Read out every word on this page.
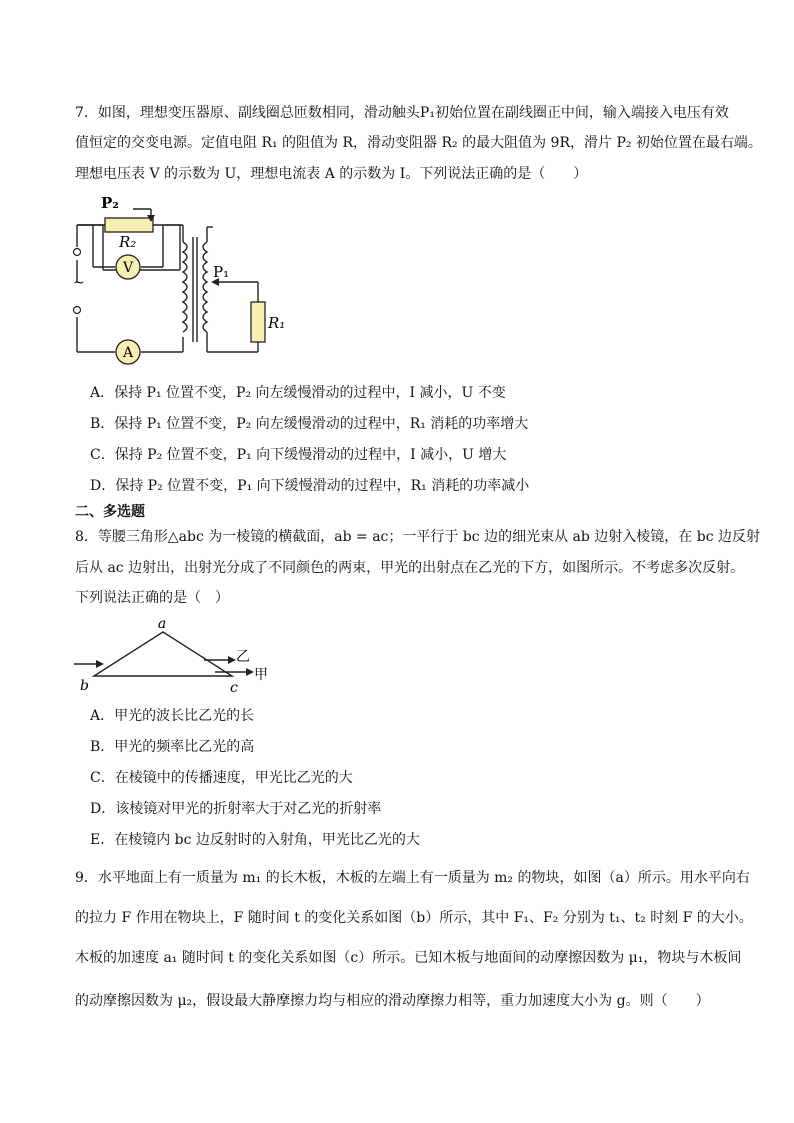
7．如图，理想变压器原、副线圈总匝数相同，滑动触头P₁初始位置在副线圈正中间，输入端接入电压有效
值恒定的交变电源。定值电阻 R₁ 的阻值为 R，滑动变阻器 R₂ 的最大阻值为 9R，滑片 P₂ 初始位置在最右端。
理想电压表 V 的示数为 U，理想电流表 A 的示数为 I。下列说法正确的是（　　）
V
A
P₂
R₂
~
P₁
R₁
A．保持 P₁ 位置不变，P₂ 向左缓慢滑动的过程中，I 减小，U 不变
B．保持 P₁ 位置不变，P₂ 向左缓慢滑动的过程中，R₁ 消耗的功率增大
C．保持 P₂ 位置不变，P₁ 向下缓慢滑动的过程中，I 减小，U 增大
D．保持 P₂ 位置不变，P₁ 向下缓慢滑动的过程中，R₁ 消耗的功率减小
二、多选题
8．等腰三角形△abc 为一棱镜的横截面，ab = ac；一平行于 bc 边的细光束从 ab 边射入棱镜，在 bc 边反射
后从 ac 边射出，出射光分成了不同颜色的两束，甲光的出射点在乙光的下方，如图所示。不考虑多次反射。
下列说法正确的是（　）
a
b	c
乙
甲
A．甲光的波长比乙光的长
B．甲光的频率比乙光的高
C．在棱镜中的传播速度，甲光比乙光的大
D．该棱镜对甲光的折射率大于对乙光的折射率
E．在棱镜内 bc 边反射时的入射角，甲光比乙光的大
9．水平地面上有一质量为 m₁ 的长木板，木板的左端上有一质量为 m₂ 的物块，如图（a）所示。用水平向右
的拉力 F 作用在物块上，F 随时间 t 的变化关系如图（b）所示，其中 F₁、F₂ 分别为 t₁、t₂ 时刻 F 的大小。
木板的加速度 a₁ 随时间 t 的变化关系如图（c）所示。已知木板与地面间的动摩擦因数为 μ₁，物块与木板间
的动摩擦因数为 μ₂，假设最大静摩擦力均与相应的滑动摩擦力相等，重力加速度大小为 g。则（　　）
